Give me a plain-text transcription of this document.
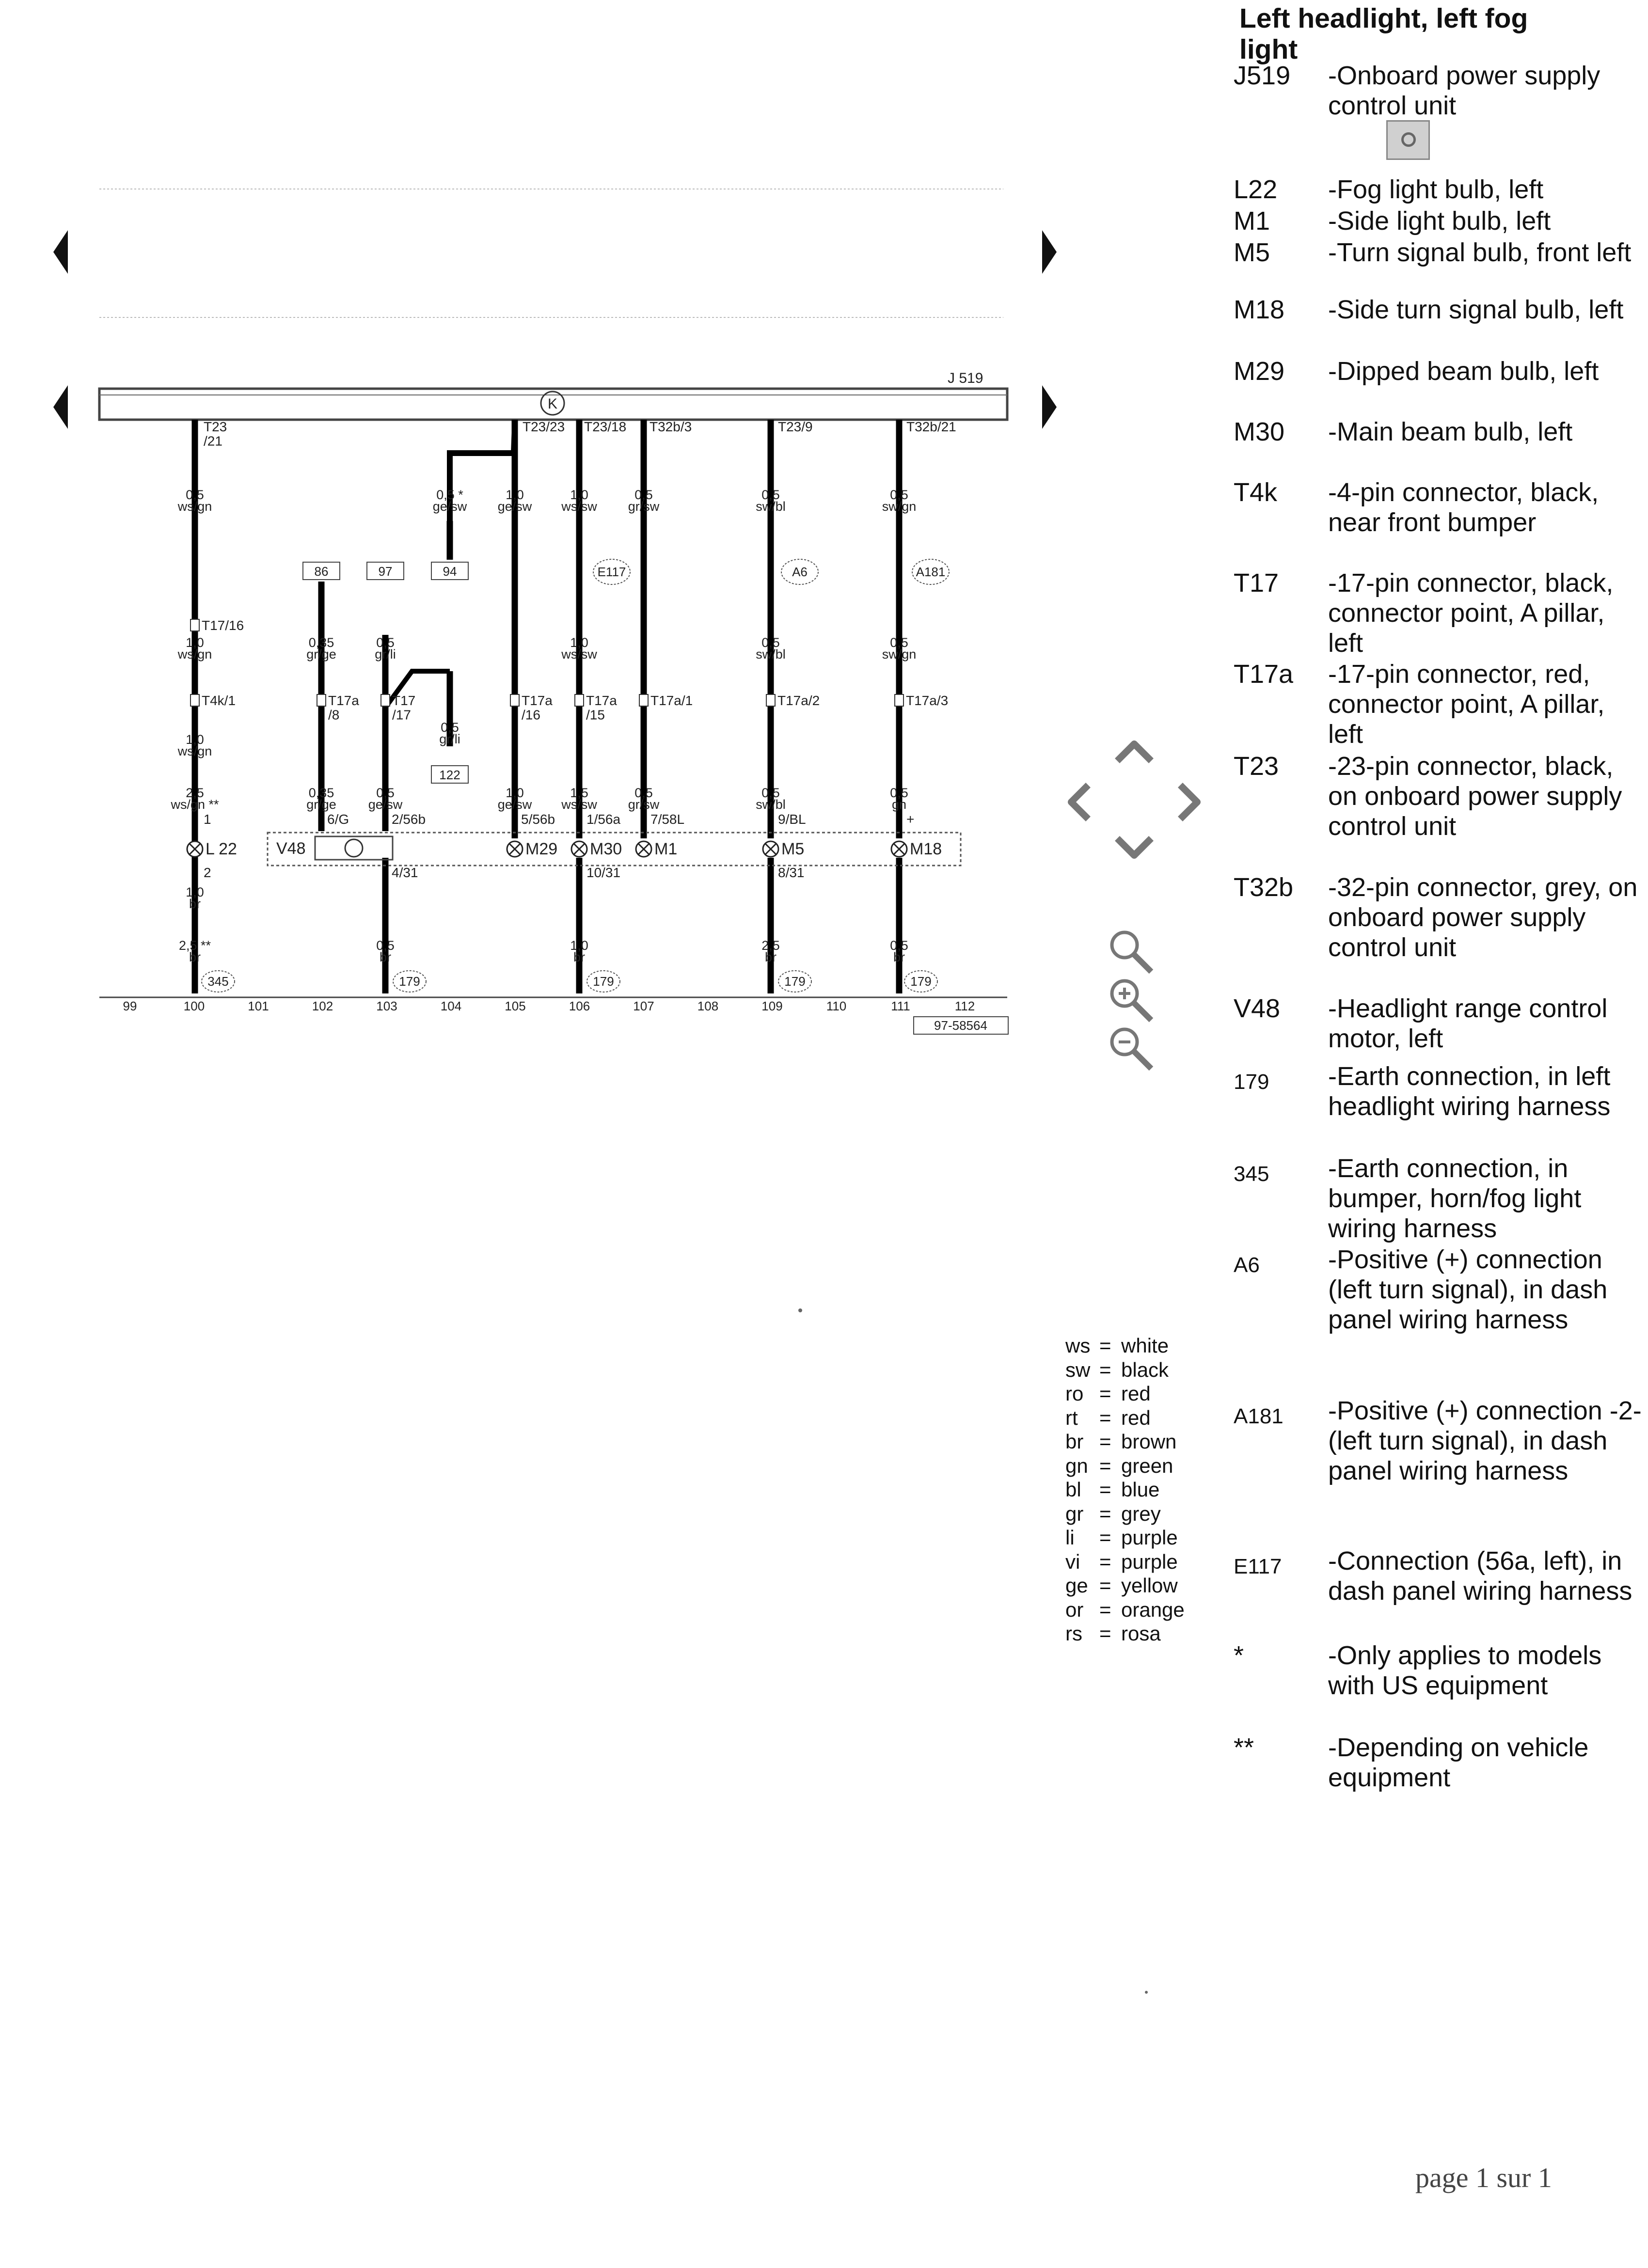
J 519
K
T23 /21
T23/23 T23/18 T32b/3	T23/9	T32b/21
0,5
ws/gn
0,5 *
ge/sw
1,0
ge/sw
1,0
ws/sw
0,5
gr/sw
0,5
sw/bl
0,5
sw/gn
1,0
ws/gn
0,35
gr/ge
0,5
gr/li
1,0
ws/sw
0,5
sw/bl
0,5
sw/gn
1,0
ws/gn
0,5
gr/li
2,5
ws/gn **
0,35
gr/ge
0,5
ge/sw
1,0
ge/sw
1,5
ws/sw
0,5
gr/sw
0,5
sw/bl
0,5
gn
1,0
br
2,5 **
br
0,5
br
1,0
br
2,5
br
0,5
br
T17/16
T4k/1	T17a /8
T17 /17
T17a /16
T17a /15
T17a/1	T17a/2	T17a/3
86	97	94
122
E117	A6	A181
1	6/G	2/56b	5/56b 1/56a 7/58L	9/BL	+
2	4/31	10/31	8/31
L 22 V48	M29 M30 M1	M5	M18
345	179	179	179	179
99	100	101	102	103	104	105	106	107	108	109	110	111	112
97-58564
Left headlight, left fog light
J519	-Onboard power supply control unit
L22	-Fog light bulb, left
M1	-Side light bulb, left
M5	-Turn signal bulb, front left
M18	-Side turn signal bulb, left
M29	-Dipped beam bulb, left
M30	-Main beam bulb, left
T4k	-4-pin connector, black, near front bumper
T17	-17-pin connector, black, connector point, A pillar, left
T17a	-17-pin connector, red, connector point, A pillar, left
T23	-23-pin connector, black, on onboard power supply control unit
T32b	-32-pin connector, grey, on onboard power supply control unit
V48	-Headlight range control motor, left
179	-Earth connection, in left headlight wiring harness
345	-Earth connection, in bumper, horn/fog light wiring harness
A6	-Positive (+) connection (left turn signal), in dash panel wiring harness
A181	-Positive (+) connection -2- (left turn signal), in dash panel wiring harness
E117	-Connection (56a, left), in dash panel wiring harness
*	-Only applies to models with US equipment
**	-Depending on vehicle equipment
ws = white
sw = black
ro = red
rt	= red
br = brown
gn = green
bl = blue
gr = grey
li	= purple
vi = purple
ge = yellow
or = orange
rs = rosa
page 1 sur 1
